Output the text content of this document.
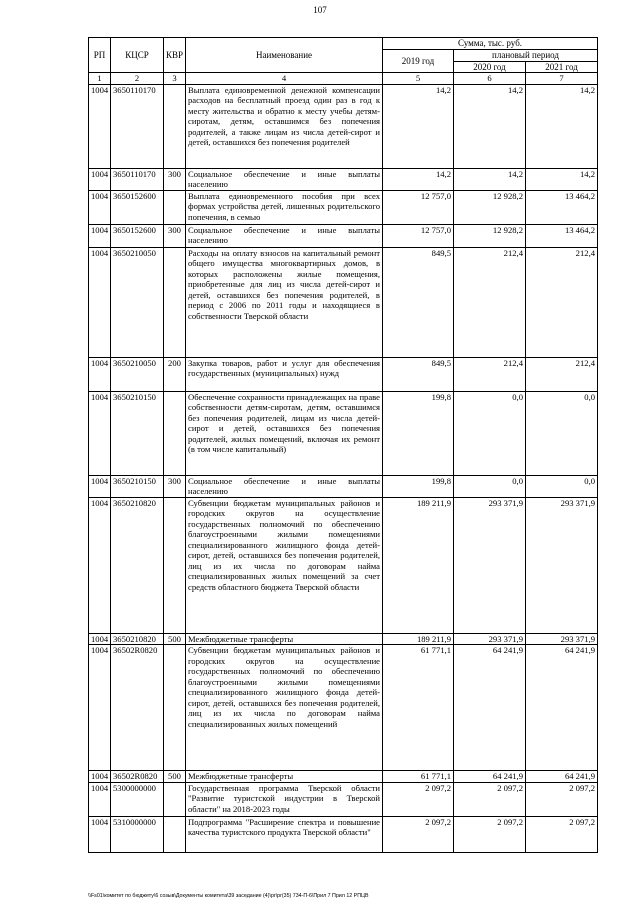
107
РП	КЦСР	КВР	Наименование	Сумма, тыс. руб.		
				2019 год	плановый период	
					2020 год	2021 год
1	2	3	4	5	6	7
1004	3650110170		Выплата единовременной денежной компенсации расходов на бесплатный проезд один раз в год к месту жительства и обратно к месту учебы детям-сиротам, детям, оставшимся без попечения родителей, а также лицам из числа детей-сирот и детей, оставшихся без попечения родителей	14,2	14,2	14,2
1004	3650110170	300	Социальное обеспечение и иные выплаты населению	14,2	14,2	14,2
1004	3650152600		Выплата единовременного пособия при всех формах устройства детей, лишенных родительского попечения, в семью	12 757,0	12 928,2	13 464,2
1004	3650152600	300	Социальное обеспечение и иные выплаты населению	12 757,0	12 928,2	13 464,2
1004	3650210050		Расходы на оплату взносов на капитальный ремонт общего имущества многоквартирных домов, в которых расположены жилые помещения, приобретенные для лиц из числа детей-сирот и детей, оставшихся без попечения родителей, в период с 2006 по 2011 годы и находящиеся в собственности Тверской области	849,5	212,4	212,4
1004	3650210050	200	Закупка товаров, работ и услуг для обеспечения государственных (муниципальных) нужд	849,5	212,4	212,4
1004	3650210150		Обеспечение сохранности принадлежащих на праве собственности детям-сиротам, детям, оставшимся без попечения родителей, лицам из числа детей-сирот и детей, оставшихся без попечения родителей, жилых помещений, включая их ремонт (в том числе капитальный)	199,8	0,0	0,0
1004	3650210150	300	Социальное обеспечение и иные выплаты населению	199,8	0,0	0,0
1004	3650210820		Субвенции бюджетам муниципальных районов и городских округов на осуществление государственных полномочий по обеспечению благоустроенными жилыми помещениями специализированного жилищного фонда детей-сирот, детей, оставшихся без попечения родителей, лиц из их числа по договорам найма специализированных жилых помещений за счет средств областного бюджета Тверской области	189 211,9	293 371,9	293 371,9
1004	3650210820	500	Межбюджетные трансферты	189 211,9	293 371,9	293 371,9
1004	36502R0820		Субвенции бюджетам муниципальных районов и городских округов на осуществление государственных полномочий по обеспечению благоустроенными жилыми помещениями специализированного жилищного фонда детей-сирот, детей, оставшихся без попечения родителей, лиц из их числа по договорам найма специализированных жилых помещений	61 771,1	64 241,9	64 241,9
1004	36502R0820	500	Межбюджетные трансферты	61 771,1	64 241,9	64 241,9
1004	5300000000		Государственная программа Тверской области "Развитие туристской индустрии в Тверской области" на 2018-2023 годы	2 097,2	2 097,2	2 097,2
1004	5310000000		Подпрограмма "Расширение спектра и повышение качества туристского продукта Тверской области"	2 097,2	2 097,2	2 097,2
\\Fs01\комитет по бюджету\6 созыв\Документы комитета\39 заседание (4)\pr\pr(35) 734-П-6\Прил 7 Прил 12 РПЦВ
